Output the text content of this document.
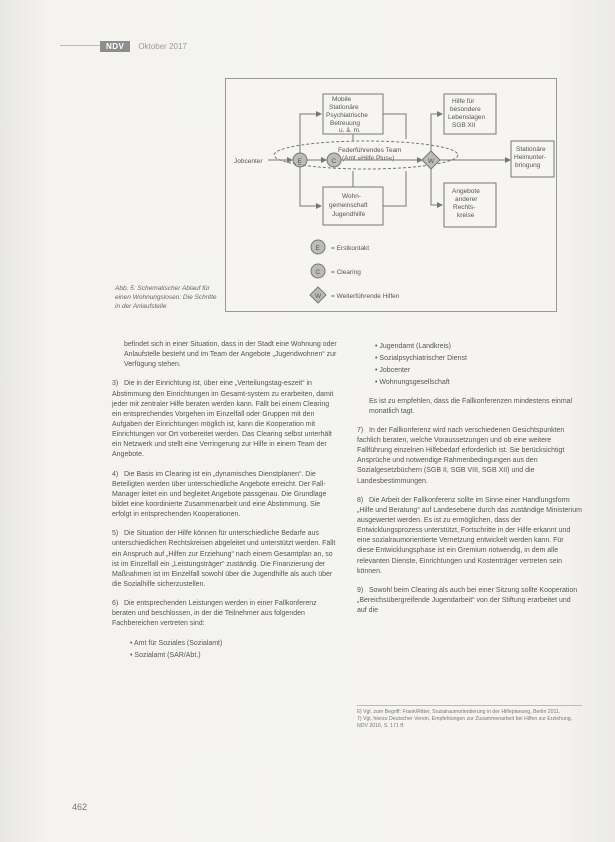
NDV	Oktober 2017
Jobcenter	E	C
Federführendes Team
(Amt »Hilfe Plus«)	W
Mobile
Stationäre
Psychiatrische
Betreuung
u. ä. m.
Hilfe für
besondere
Lebenslagen
SGB XII
Stationäre
Heimunter-
bringung
Wohn-
gemeinschaft
Jugendhilfe
Angebote
anderer
Rechts-
kreise
E = Erstkontakt
C = Clearing
W = Weiterführende Hilfen
Abb. 5: Schematischer Ablauf für einen Wohnungslosen: Die Schritte in der Anlaufstelle

befindet sich in einer Situation, dass in der Stadt eine Wohnung oder Anlaufstelle besteht und im Team der Angebote „Jugendwohnen“ zur Verfügung stehen.

3) Die in der Einrichtung ist, über eine „Verteilungstag-eszeit“ in Abstimmung den Einrichtungen im Gesamt-system zu erarbeiten, damit jeder mit zentraler Hilfe beraten werden kann. Fällt bei einem Clearing ein entsprechendes Vorgehen im Einzelfall oder Gruppen mit den Aufgaben der Einrichtungen möglich ist, kann die Kooperation mit Einrichtungen vor Ort vorbereitet werden. Das Clearing selbst unterhält ein Netzwerk und stellt eine Verringerung zur Hilfe in einem Team der Angebote.

4) Die Basis im Clearing ist ein „dynamisches Dienstplanen“. Die Beteiligten werden über unterschiedliche Angebote erreicht. Der Fall-Manager leitet ein und begleitet Angebote passgenau. Die Grundlage bildet eine koordinierte Zusammenarbeit und eine Abstimmung. Sie erfolgt in entsprechenden Kooperationen.

5) Die Situation der Hilfe können für unterschiedliche Bedarfe aus unterschiedlichen Rechtskreisen abgeleitet und unterstützt werden. Fällt ein Anspruch auf „Hilfen zur Erziehung“ nach einem Gesamtplan an, so ist im Einzelfall ein „Leistungsträger“ zuständig. Die Finanzierung der Maßnahmen ist im Einzelfall sowohl über die Jugendhilfe als auch über die Sozialhilfe sicherzustellen.

6) Die entsprechenden Leistungen werden in einer Fallkonferenz beraten und beschlossen, in der die Teilnehmer aus folgenden Fachbereichen vertreten sind:

• Amt für Soziales (Sozialamt)
• Sozialamt (SAR/Abt.)
• Jugendamt (Landkreis)
• Sozialpsychiatrischer Dienst
• Jobcenter
• Wohnungsgesellschaft

Es ist zu empfehlen, dass die Fallkonferenzen mindestens einmal monatlich tagt.

7) In der Fallkonferenz wird nach verschiedenen Gesichtspunkten fachlich beraten, welche Voraussetzungen und ob eine weitere Fallführung einzelnen Hilfebedarf erforderlich ist. Sie berücksichtigt Ansprüche und notwendige Rahmenbedingungen aus den Sozialgesetzbüchern (SGB II, SGB VIII, SGB XII) und die Landesbestimmungen.

8) Die Arbeit der Fallkonferenz sollte im Sinne einer Handlungsform „Hilfe und Beratung“ auf Landesebene durch das zuständige Ministerium ausgewertet werden. Es ist zu ermöglichen, dass der Entwicklungsprozess unterstützt, Fortschritte in der Hilfe erkannt und eine sozialraumorientierte Vernetzung entwickelt werden kann. Für diese Entwicklungsphase ist ein Gremium notwendig, in dem alle relevanten Dienste, Einrichtungen und Kostenträger vertreten sein können.

9) Sowohl beim Clearing als auch bei einer Sitzung sollte Kooperation „Bereichsübergreifende Jugendarbeit“ von der Stiftung erarbeitet und auf die

6) Vgl. zum Begriff: Frank/Ritter, Sozialraumorientierung in der Hilfeplanung, Berlin 2011.
7) Vgl. hierzu Deutscher Verein, Empfehlungen zur Zusammenarbeit bei Hilfen zur Erziehung, NDV 2016, S. 171 ff.
462
